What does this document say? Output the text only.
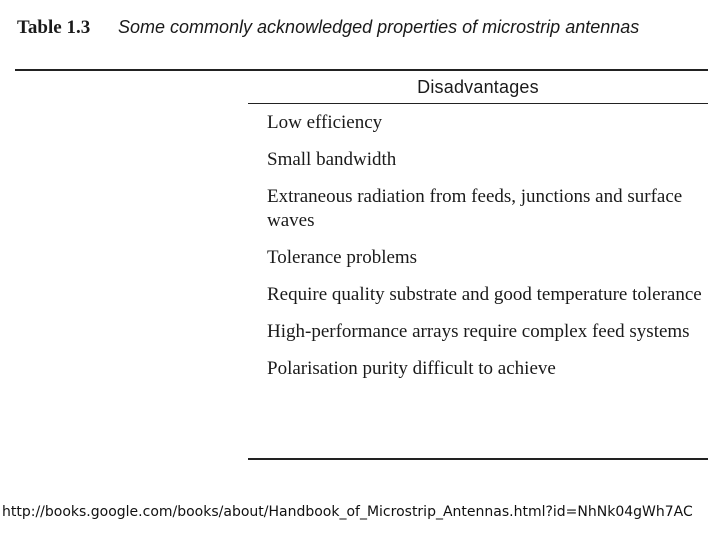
Table 1.3 Some commonly acknowledged properties of microstrip antennas
Disadvantages
Low efficiency
Small bandwidth
Extraneous radiation from feeds, junctions and surface waves
Tolerance problems
Require quality substrate and good temperature tolerance
High-performance arrays require complex feed systems
Polarisation purity difficult to achieve
http://books.google.com/books/about/Handbook_of_Microstrip_Antennas.html?id=NhNk04gWh7AC
